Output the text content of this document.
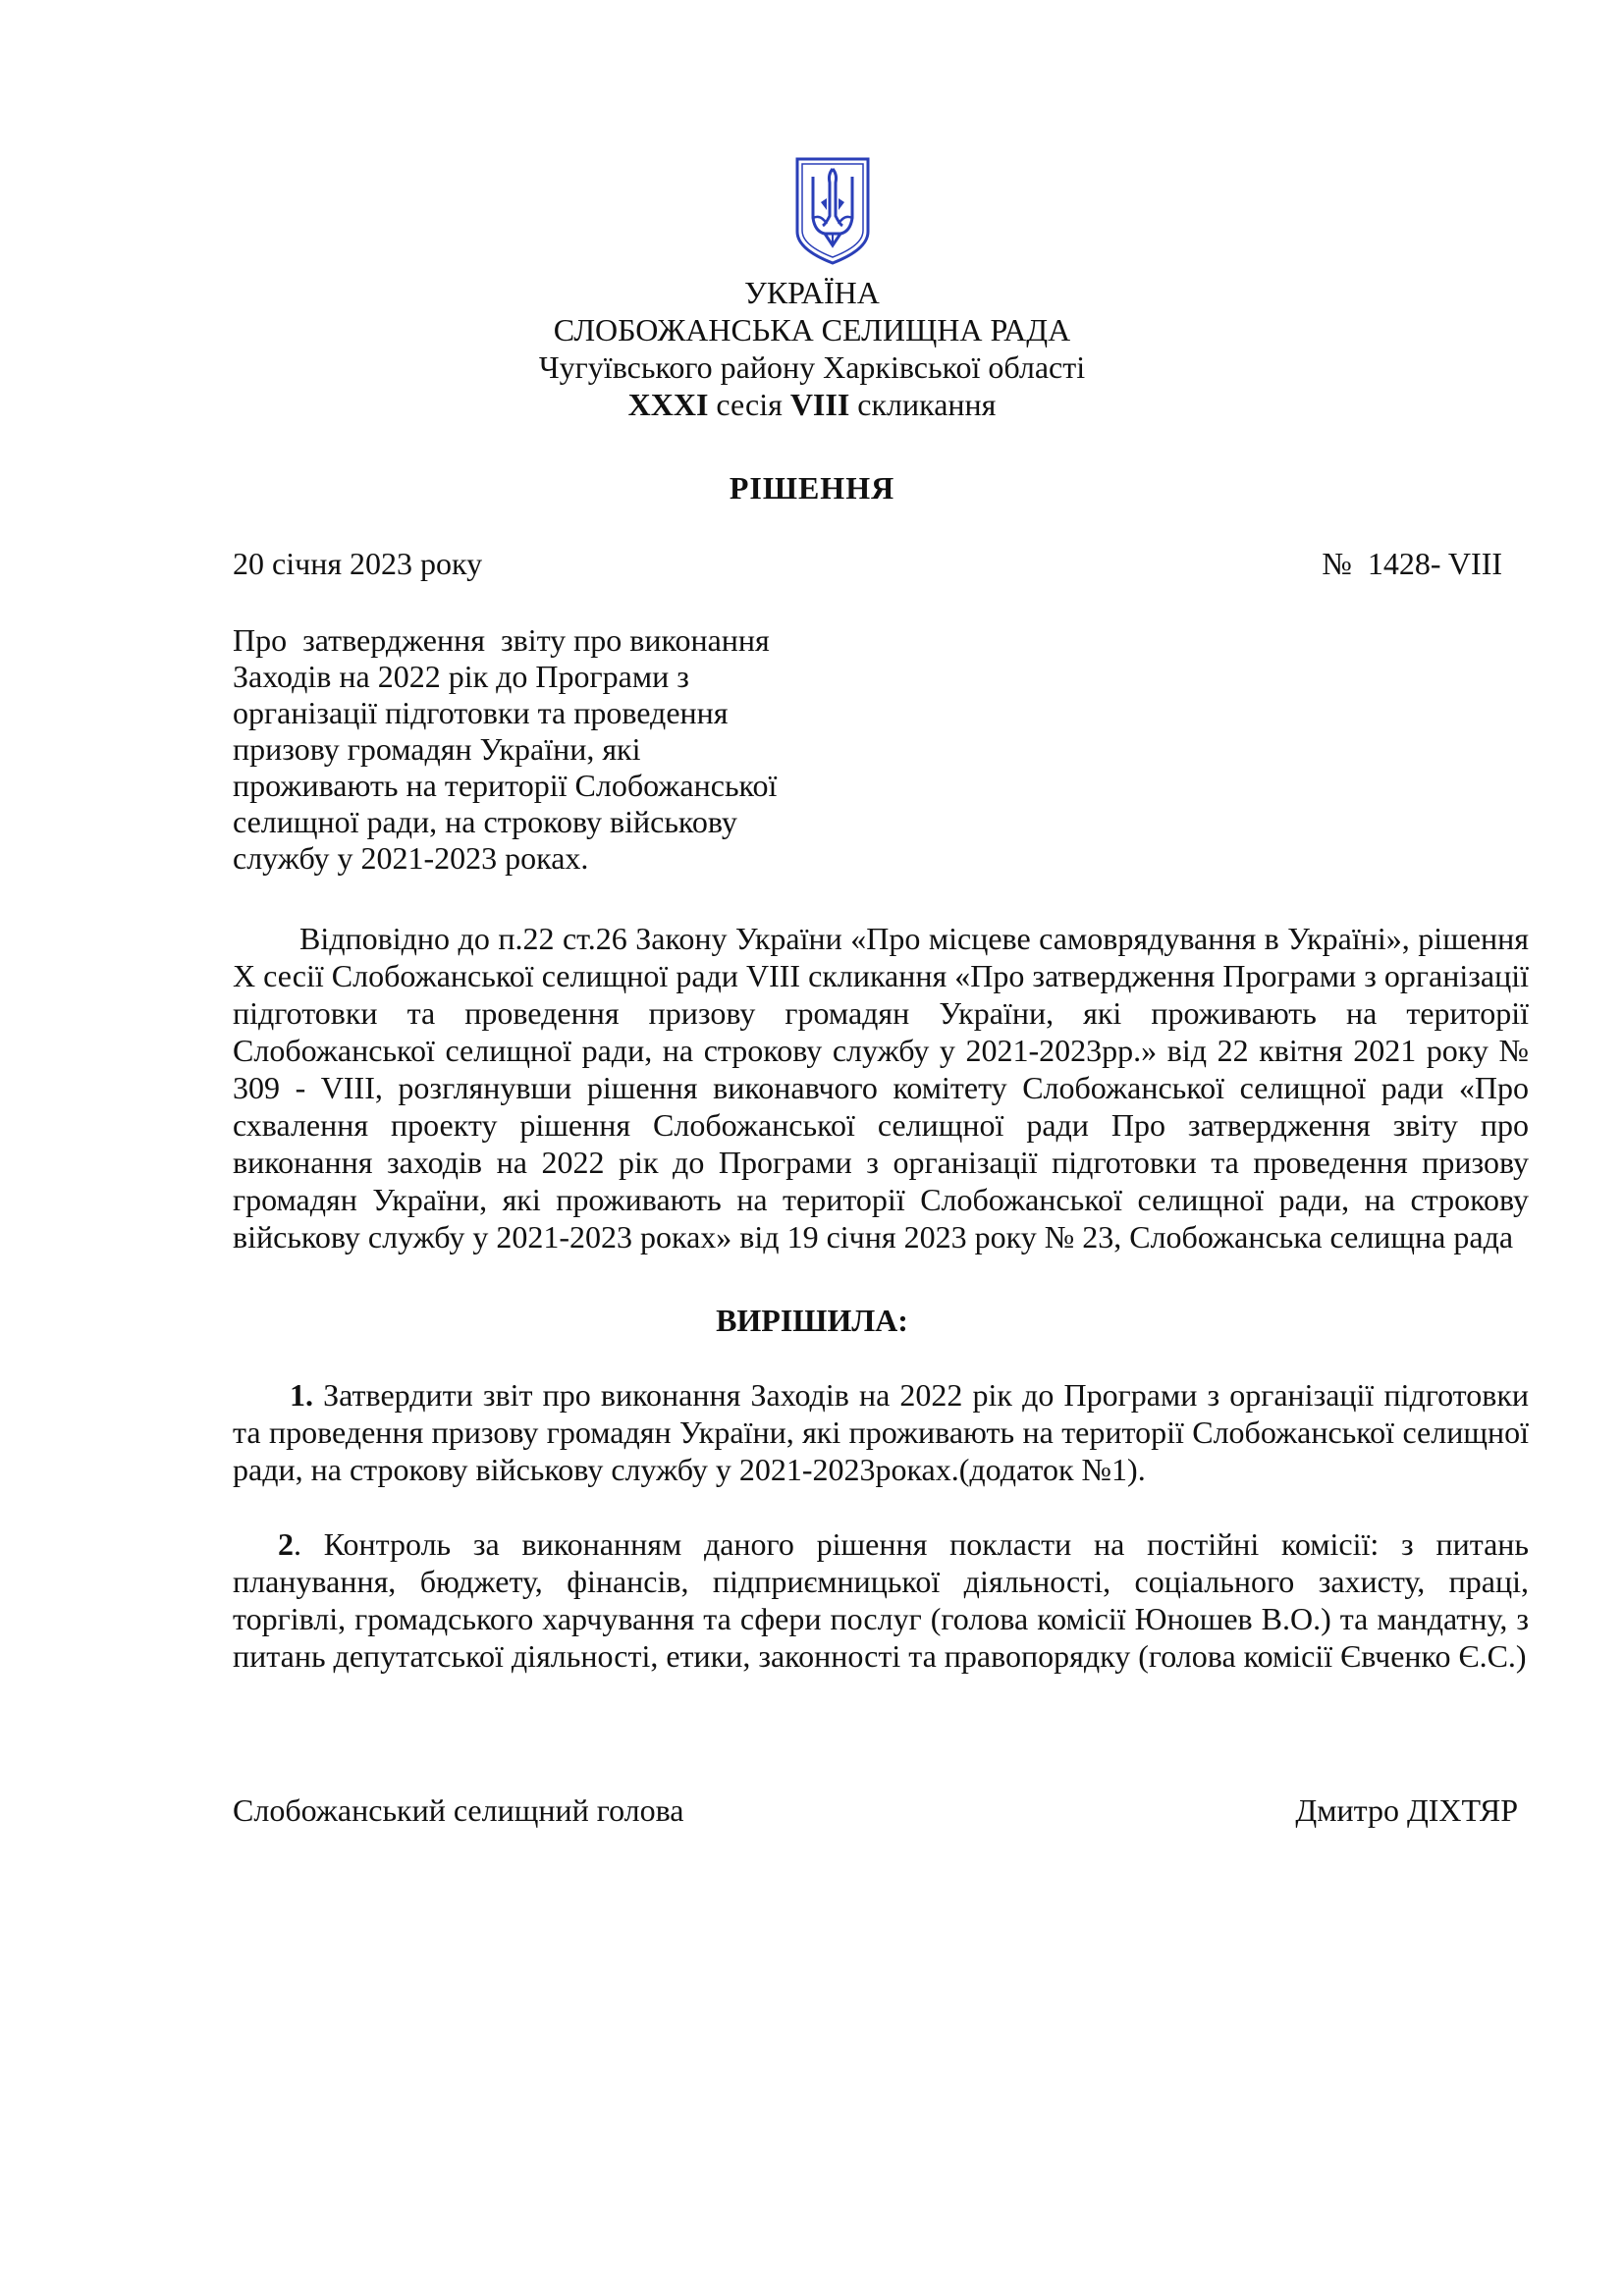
УКРАЇНА
СЛОБОЖАНСЬКА СЕЛИЩНА РАДА
Чугуївського району Харківської області
XXXI сесія VIII скликання
РІШЕННЯ
20 січня 2023 року	№  1428- VIII
Про  затвердження  звіту про виконання
Заходів на 2022 рік до Програми з
організації підготовки та проведення
призову громадян України, які
проживають на території Слобожанської
селищної ради, на строкову військову
службу у 2021-2023 роках.
Відповідно до п.22 ст.26 Закону України «Про місцеве самоврядування в Україні», рішення X сесії Слобожанської селищної ради VIII скликання «Про затвердження Програми з організації підготовки та проведення призову громадян України, які проживають на території Слобожанської селищної ради, на строкову службу у 2021-2023рр.» від 22 квітня 2021 року № 309 - VIII, розглянувши рішення виконавчого комітету Слобожанської селищної ради «Про схвалення проекту рішення Слобожанської селищної ради Про затвердження звіту про виконання заходів на 2022 рік до Програми з організації підготовки та проведення призову громадян України, які проживають на території Слобожанської селищної ради, на строкову військову службу у 2021-2023 роках» від 19 січня 2023 року № 23, Слобожанська селищна рада
ВИРІШИЛА:
1. Затвердити звіт про виконання Заходів на 2022 рік до Програми з організації підготовки та проведення призову громадян України, які проживають на території Слобожанської селищної ради, на строкову військову службу у 2021-2023роках.(додаток №1).
2. Контроль за виконанням даного рішення покласти на постійні комісії: з питань планування, бюджету, фінансів, підприємницької діяльності, соціального захисту, праці, торгівлі, громадського харчування та сфери послуг (голова комісії Юношев В.О.) та мандатну, з питань депутатської діяльності, етики, законності та правопорядку (голова комісії Євченко Є.С.)
Слобожанський селищний голова	Дмитро ДІХТЯР
